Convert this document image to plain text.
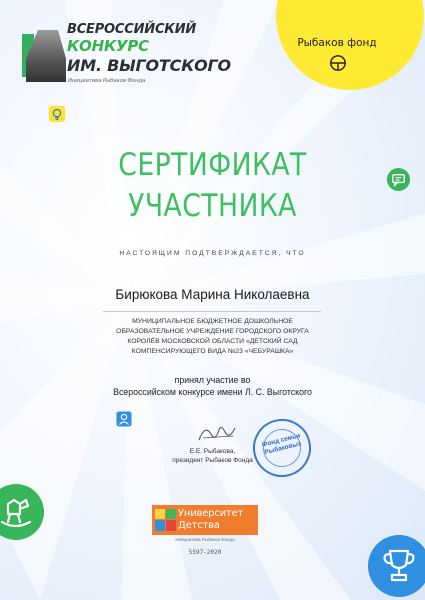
ВСЕРОССИЙСКИЙ
КОНКУРС
ИМ. ВЫГОТСКОГО
Инициатива Рыбаков Фонда
Рыбаков фонд
СЕРТИФИКАТ
УЧАСТНИКА
НАСТОЯЩИМ ПОДТВЕРЖДАЕТСЯ, ЧТО
Бирюкова Марина Николаевна
МУНИЦИПАЛЬНОЕ БЮДЖЕТНОЕ ДОШКОЛЬНОЕ
ОБРАЗОВАТЕЛЬНОЕ УЧРЕЖДЕНИЕ ГОРОДСКОГО ОКРУГА
КОРОЛЁВ МОСКОВСКОЙ ОБЛАСТИ «ДЕТСКИЙ САД
КОМПЕНСИРУЮЩЕГО ВИДА №23 «ЧЕБУРАШКА»
принял участие во
Всероссийском конкурсе имени Л. С. Выготского
Е.Е. Рыбакова,
президент Рыбаков Фонда
Фонд семьи
Рыбаковых
Университет
Детства
Инициатива Рыбаков Фонда
5597-2020
